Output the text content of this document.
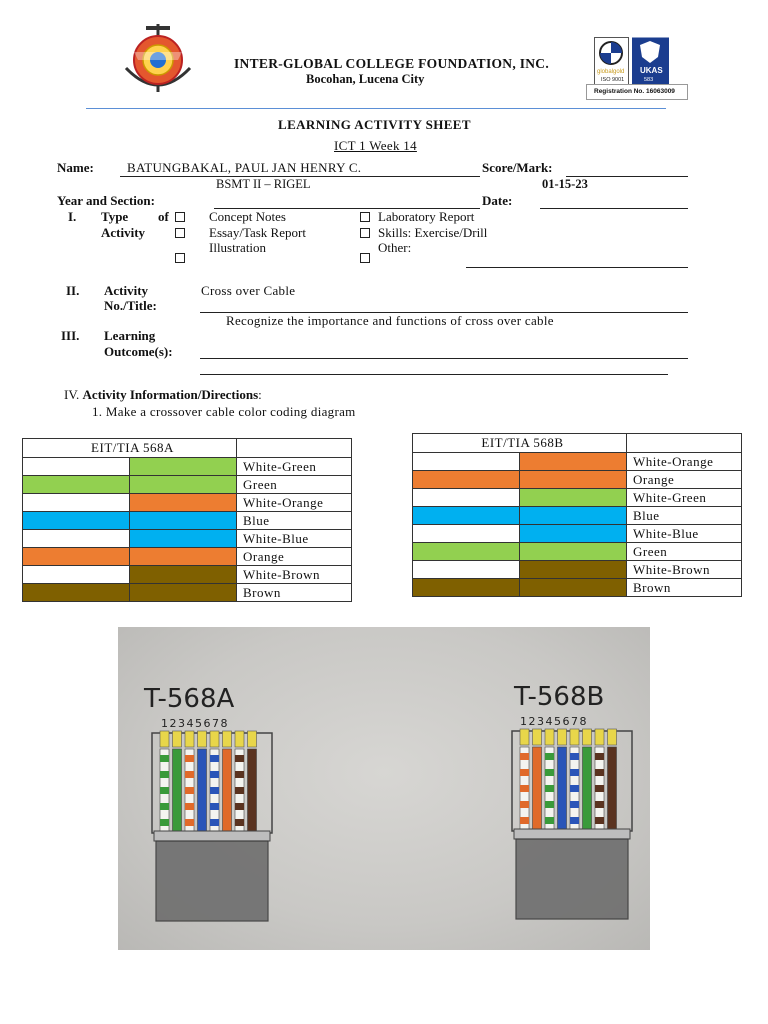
INTER-GLOBAL COLLEGE FOUNDATION, INC.
Bocohan, Lucena City	globalgold
ISO 9001
UKAS
583
Registration No. 16063009
LEARNING ACTIVITY SHEET
ICT 1 Week 14
Name:	BATUNGBAKAL, PAUL JAN HENRY C.	Score/Mark:
BSMT II – RIGEL	01-15-23
Year and Section:	Date:
I. Type of
Activity
Concept Notes
Essay/Task Report
Illustration
Laboratory Report
Skills: Exercise/Drill
Other:
II. Activity
No./Title:
Cross over Cable
III. Learning
Outcome(s):
Recognize the importance and functions of cross over cable
IV. Activity Information/Directions:
1. Make a crossover cable color coding diagram
EIT/TIA 568A		
		White-Green
		Green
		White-Orange
		Blue
		White-Blue
		Orange
		White-Brown
		Brown
EIT/TIA 568B		
		White-Orange
		Orange
		White-Green
		Blue
		White-Blue
		Green
		White-Brown
		Brown
T-568A	T-568B
12345678	12345678
